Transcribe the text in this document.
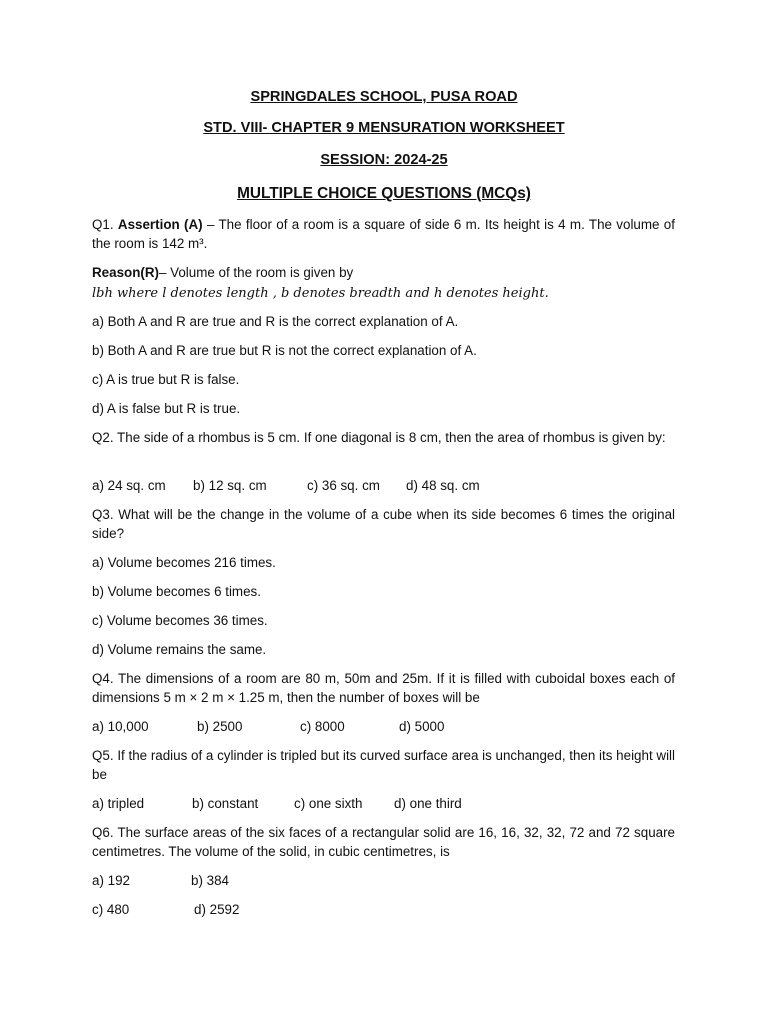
SPRINGDALES SCHOOL, PUSA ROAD
STD. VIII- CHAPTER 9 MENSURATION WORKSHEET
SESSION: 2024-25
MULTIPLE CHOICE QUESTIONS (MCQs)
Q1. Assertion (A) – The floor of a room is a square of side 6 m. Its height is 4 m. The volume of the room is 142 m³.
Reason(R)– Volume of the room is given by
lbh where l denotes length , b denotes breadth and h denotes height.
a) Both A and R are true and R is the correct explanation of A.
b) Both A and R are true but R is not the correct explanation of A.
c) A is true but R is false.
d) A is false but R is true.
Q2. The side of a rhombus is 5 cm. If one diagonal is 8 cm, then the area of rhombus is given by:
a) 24 sq. cm b) 12 sq. cm	c) 36 sq. cm d) 48 sq. cm
Q3. What will be the change in the volume of a cube when its side becomes 6 times the original side?
a) Volume becomes 216 times.
b) Volume becomes 6 times.
c) Volume becomes 36 times.
d) Volume remains the same.
Q4. The dimensions of a room are 80 m, 50m and 25m. If it is filled with cuboidal boxes each of dimensions 5 m × 2 m × 1.25 m, then the number of boxes will be
a) 10,000	b) 2500	c) 8000	d) 5000
Q5. If the radius of a cylinder is tripled but its curved surface area is unchanged, then its height will be
a) tripled	b) constant	c) one sixth d) one third
Q6. The surface areas of the six faces of a rectangular solid are 16, 16, 32, 32, 72 and 72 square centimetres. The volume of the solid, in cubic centimetres, is
a) 192	b) 384
c) 480	d) 2592
